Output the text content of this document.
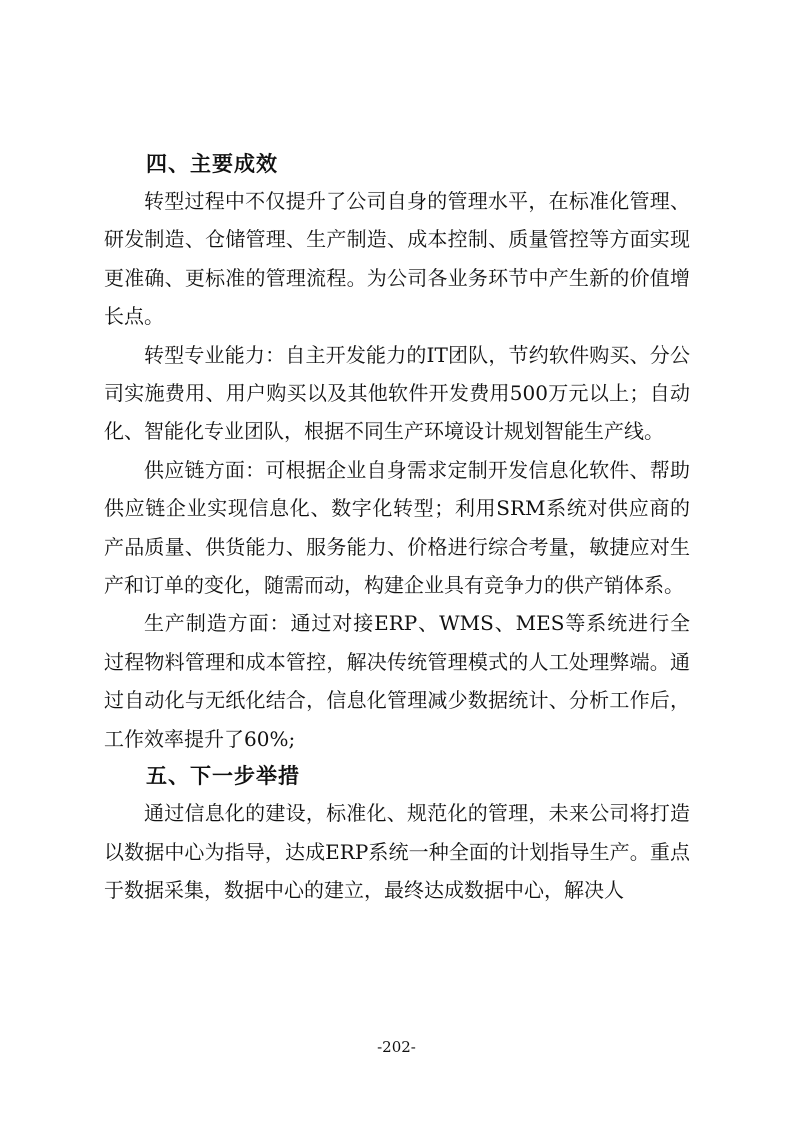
四、主要成效

转型过程中不仅提升了公司自身的管理水平，在标准化管理、研发制造、仓储管理、生产制造、成本控制、质量管控等方面实现更准确、更标准的管理流程。为公司各业务环节中产生新的价值增长点。

转型专业能力：自主开发能力的IT团队，节约软件购买、分公司实施费用、用户购买以及其他软件开发费用500万元以上；自动化、智能化专业团队，根据不同生产环境设计规划智能生产线。

供应链方面：可根据企业自身需求定制开发信息化软件、帮助供应链企业实现信息化、数字化转型；利用SRM系统对供应商的产品质量、供货能力、服务能力、价格进行综合考量，敏捷应对生产和订单的变化，随需而动，构建企业具有竞争力的供产销体系。

生产制造方面：通过对接ERP、WMS、MES等系统进行全过程物料管理和成本管控，解决传统管理模式的人工处理弊端。通过自动化与无纸化结合，信息化管理减少数据统计、分析工作后，工作效率提升了60%;

五、下一步举措

通过信息化的建设，标准化、规范化的管理，未来公司将打造以数据中心为指导，达成ERP系统一种全面的计划指导生产。重点于数据采集，数据中心的建立，最终达成数据中心，解决人

-202-
